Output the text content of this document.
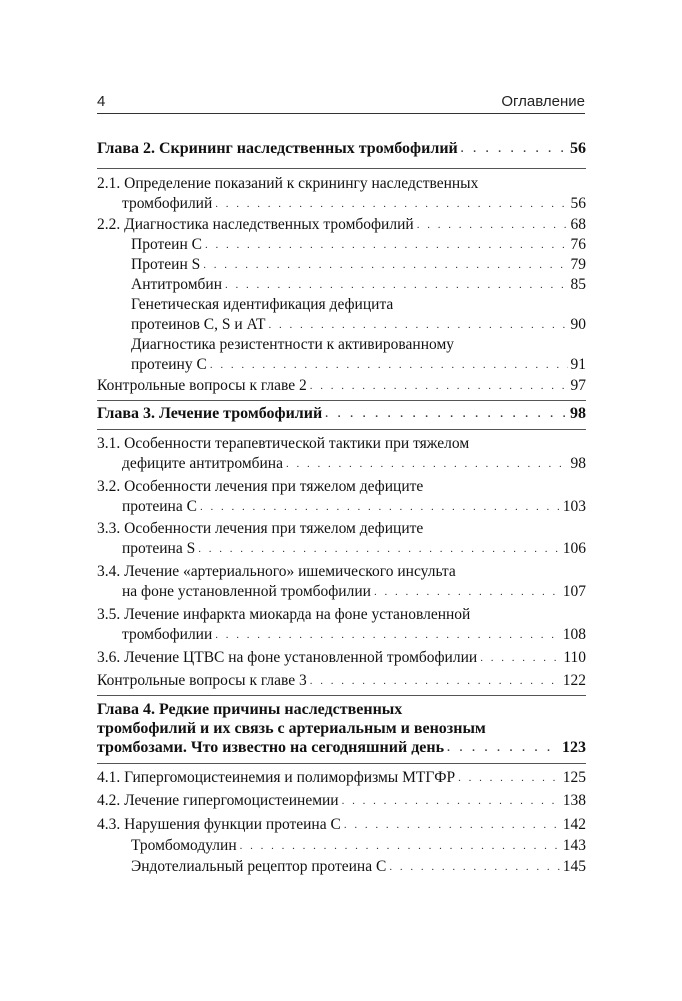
4	Оглавление
Глава 2. Скрининг наследственных тромбофилий . . .	56
2.1. Определение показаний к скринингу наследственных
тромбофилий . . .	56
2.2. Диагностика наследственных тромбофилий . . .	68
Протеин C . . .	76
Протеин S . . .	79
Антитромбин . . .	85
Генетическая идентификация дефицита
протеинов C, S и AT . . .	90
Диагностика резистентности к активированному
протеину C . . .	91
Контрольные вопросы к главе 2 . . .	97
Глава 3. Лечение тромбофилий . . .	98
3.1. Особенности терапевтической тактики при тяжелом
дефиците антитромбина . . .	98
3.2. Особенности лечения при тяжелом дефиците
протеина C . . .	103
3.3. Особенности лечения при тяжелом дефиците
протеина S . . .	106
3.4. Лечение «артериального» ишемического инсульта
на фоне установленной тромбофилии . . .	107
3.5. Лечение инфаркта миокарда на фоне установленной
тромбофилии . . .	108
3.6. Лечение ЦТВС на фоне установленной тромбофилии . . .	110
Контрольные вопросы к главе 3 . . .	122
Глава 4. Редкие причины наследственных
тромбофилий и их связь с артериальным и венозным
тромбозами. Что известно на сегодняшний день . . .	123
4.1. Гипергомоцистеинемия и полиморфизмы МТГФР . . .	125
4.2. Лечение гипергомоцистеинемии . . .	138
4.3. Нарушения функции протеина C . . .	142
Тромбомодулин . . .	143
Эндотелиальный рецептор протеина C . . .	145
